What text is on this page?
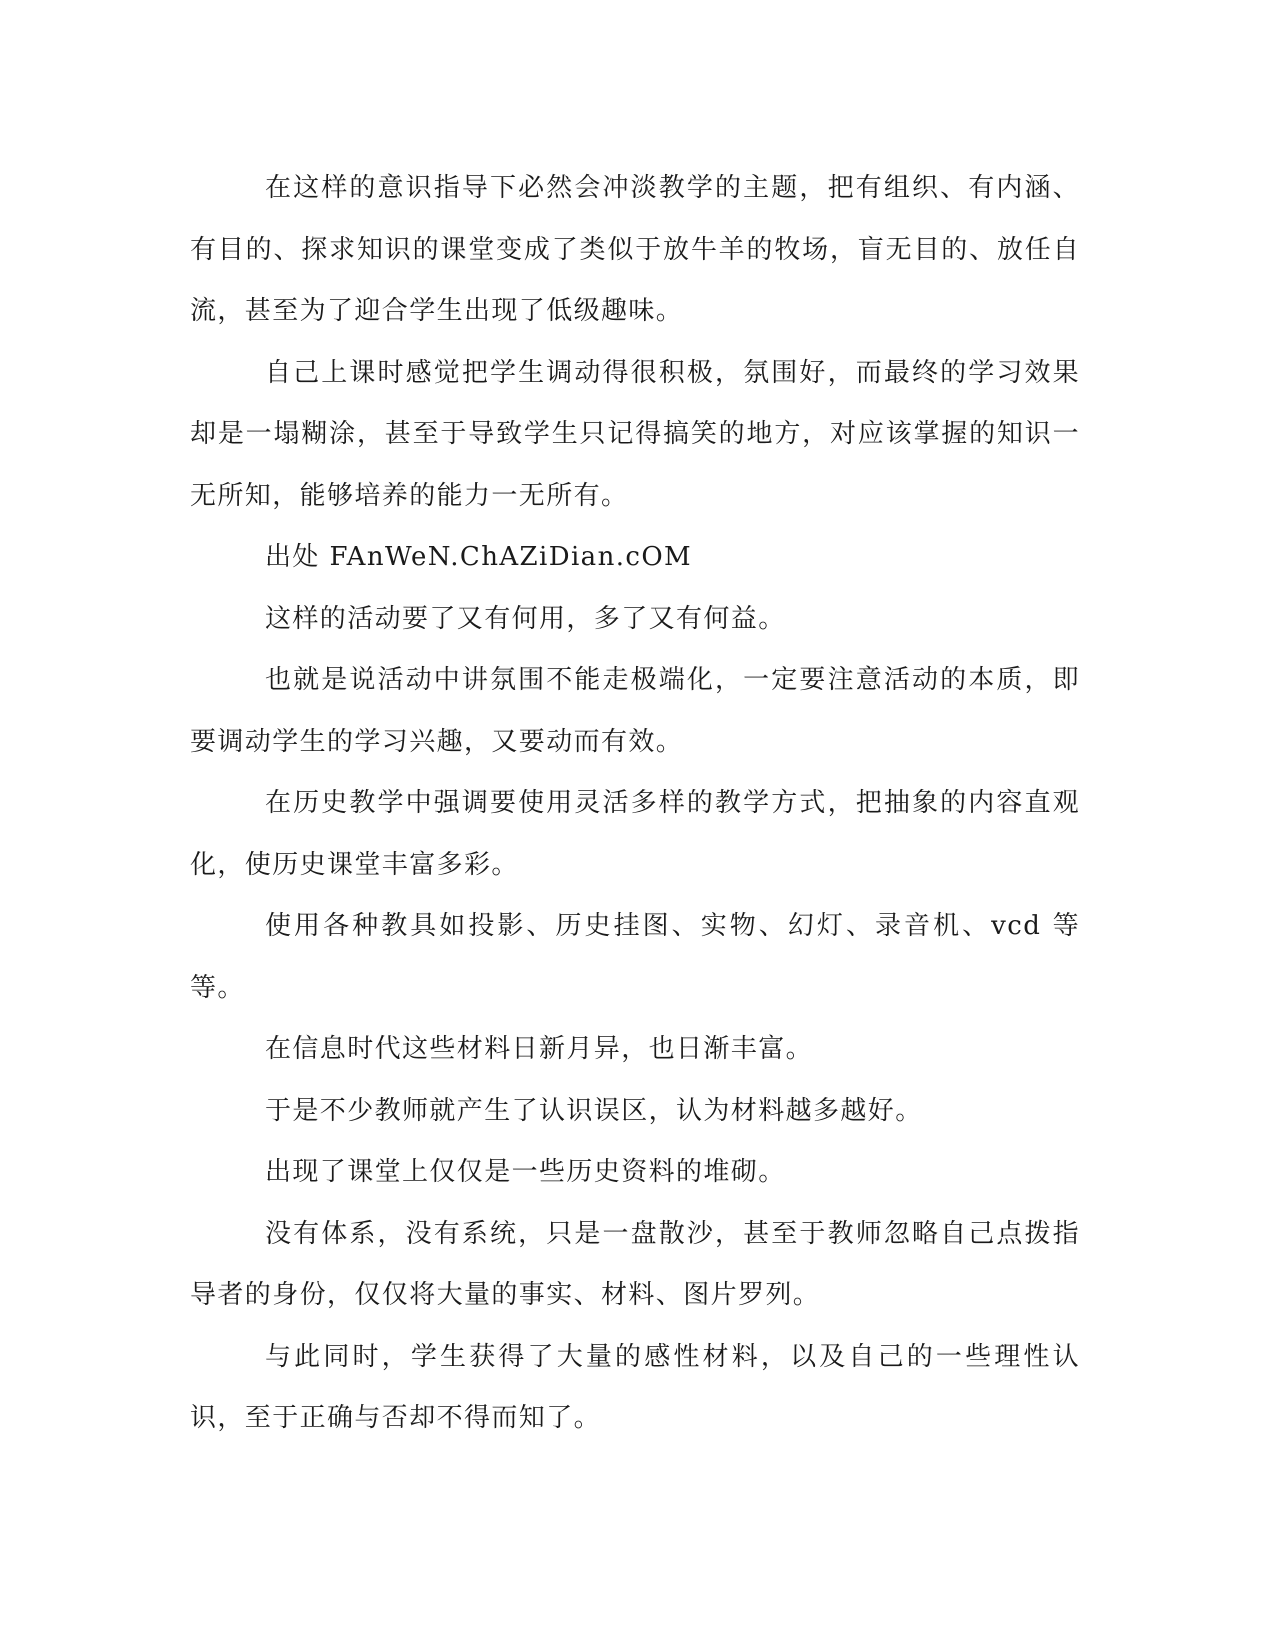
在这样的意识指导下必然会冲淡教学的主题，把有组织、有内涵、有目的、探求知识的课堂变成了类似于放牛羊的牧场，盲无目的、放任自流，甚至为了迎合学生出现了低级趣味。

自己上课时感觉把学生调动得很积极，氛围好，而最终的学习效果却是一塌糊涂，甚至于导致学生只记得搞笑的地方，对应该掌握的知识一无所知，能够培养的能力一无所有。

出处 FAnWeN.ChAZiDian.cOM

这样的活动要了又有何用，多了又有何益。

也就是说活动中讲氛围不能走极端化，一定要注意活动的本质，即要调动学生的学习兴趣，又要动而有效。

在历史教学中强调要使用灵活多样的教学方式，把抽象的内容直观化，使历史课堂丰富多彩。

使用各种教具如投影、历史挂图、实物、幻灯、录音机、vcd 等等。

在信息时代这些材料日新月异，也日渐丰富。

于是不少教师就产生了认识误区，认为材料越多越好。

出现了课堂上仅仅是一些历史资料的堆砌。

没有体系，没有系统，只是一盘散沙，甚至于教师忽略自己点拨指导者的身份，仅仅将大量的事实、材料、图片罗列。

与此同时，学生获得了大量的感性材料，以及自己的一些理性认识，至于正确与否却不得而知了。
